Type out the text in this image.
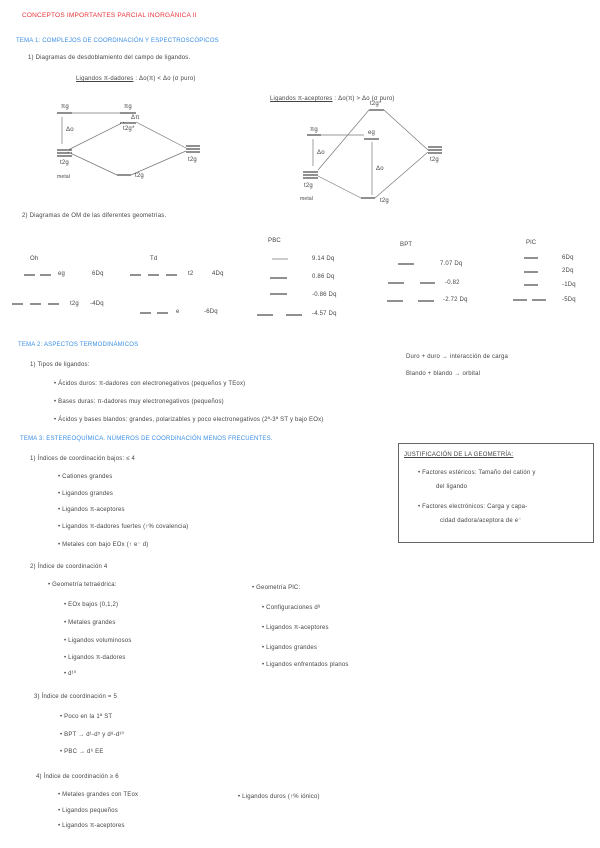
CONCEPTOS IMPORTANTES PARCIAL INORGÁNICA II
TEMA 1: COMPLEJOS DE COORDINACIÓN Y ESPECTROSCÓPICOS
1) Diagramas de desdoblamiento del campo de ligandos.
Ligandos π-dadores : Δo(π) < Δo (σ puro)
Ligandos π-aceptores : Δo(π) > Δo (σ puro)
πg	πg
Δπ
t2g*
Δo
t2g
metal
t2g
t2g
t2g*
πg	eg
Δo
Δo
t2g
metal
t2g
t2g
2) Diagramas de OM de las diferentes geometrías.
Oh
eg	6Dq
t2g -4Dq
Td
t2	4Dq
e	-6Dq
PBC
9.14 Dq
0.86 Dq
-0.86 Dq
-4.57 Dq
BPT
7.07 Dq
-0.82
-2.72 Dq
PlC
6Dq
2Dq
-1Dq
-5Dq
TEMA 2: ASPECTOS TERMODINÁMICOS
1) Tipos de ligandos:
• Ácidos duros: π-dadores con electronegativos (pequeños y TEox)
• Bases duras: π-dadores muy electronegativos (pequeños)
• Ácidos y bases blandos: grandes, polarizables y poco electronegativos (2ª-3ª ST y bajo EOx)
Duro + duro → interacción de carga
Blando + blando → orbital
TEMA 3: ESTEREOQUÍMICA. NÚMEROS DE COORDINACIÓN MENOS FRECUENTES.
1) Índices de coordinación bajos: ≤ 4
• Cationes grandes
• Ligandos grandes
• Ligandos π-aceptores
• Ligandos π-dadores fuertes (↑% covalencia)
• Metales con bajo EOx (↑ e⁻ d)
JUSTIFICACIÓN DE LA GEOMETRÍA:
• Factores estéricos: Tamaño del catión y
del ligando
• Factores electrónicos: Carga y capa-
cidad dadora/aceptora de e⁻
2) Índice de coordinación 4
• Geometría tetraédrica:
• EOx bajos (0,1,2)
• Metales grandes
• Ligandos voluminosos
• Ligandos π-dadores
• d¹⁰
• Geometría PlC:
• Configuraciones d⁸
• Ligandos π-aceptores
• Ligandos grandes
• Ligandos enfrentados planos
3) Índice de coordinación = 5
• Poco en la 1ª ST
• BPT → d¹-d⁵ y d⁸-d¹⁰
• PBC → d⁶ EE
4) Índice de coordinación ≥ 6
• Metales grandes con TEox
• Ligandos pequeños
• Ligandos π-aceptores
• Ligandos duros (↑% iónico)
